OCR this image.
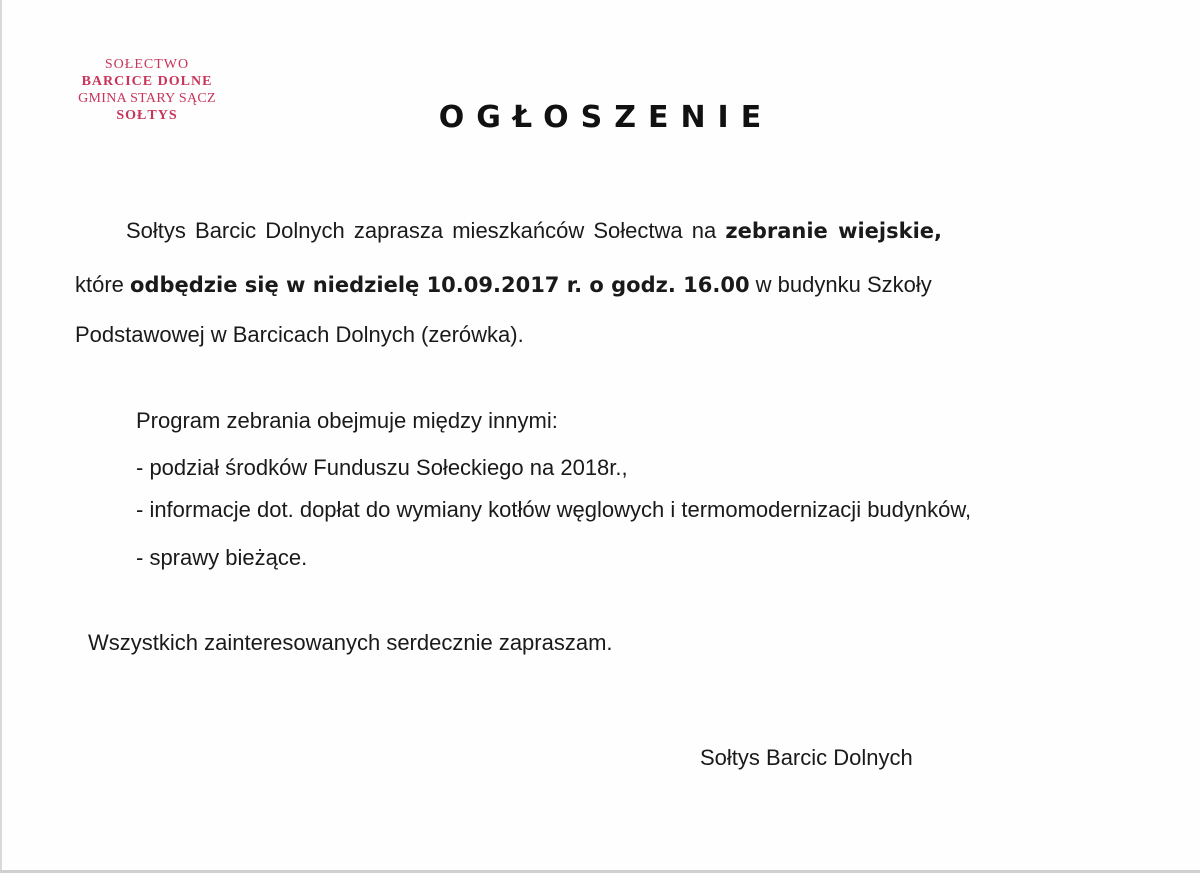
SOŁECTWO
BARCICE DOLNE
GMINA STARY SĄCZ
SOŁTYS	OGŁOSZENIE
Sołtys Barcic Dolnych zaprasza mieszkańców Sołectwa na zebranie wiejskie,
które odbędzie się w niedzielę 10.09.2017 r. o godz. 16.00 w budynku Szkoły
Podstawowej w Barcicach Dolnych (zerówka).
Program zebrania obejmuje między innymi:
- podział środków Funduszu Sołeckiego na 2018r.,
- informacje dot. dopłat do wymiany kotłów węglowych i termomodernizacji budynków,
- sprawy bieżące.
Wszystkich zainteresowanych serdecznie zapraszam.
Sołtys Barcic Dolnych
